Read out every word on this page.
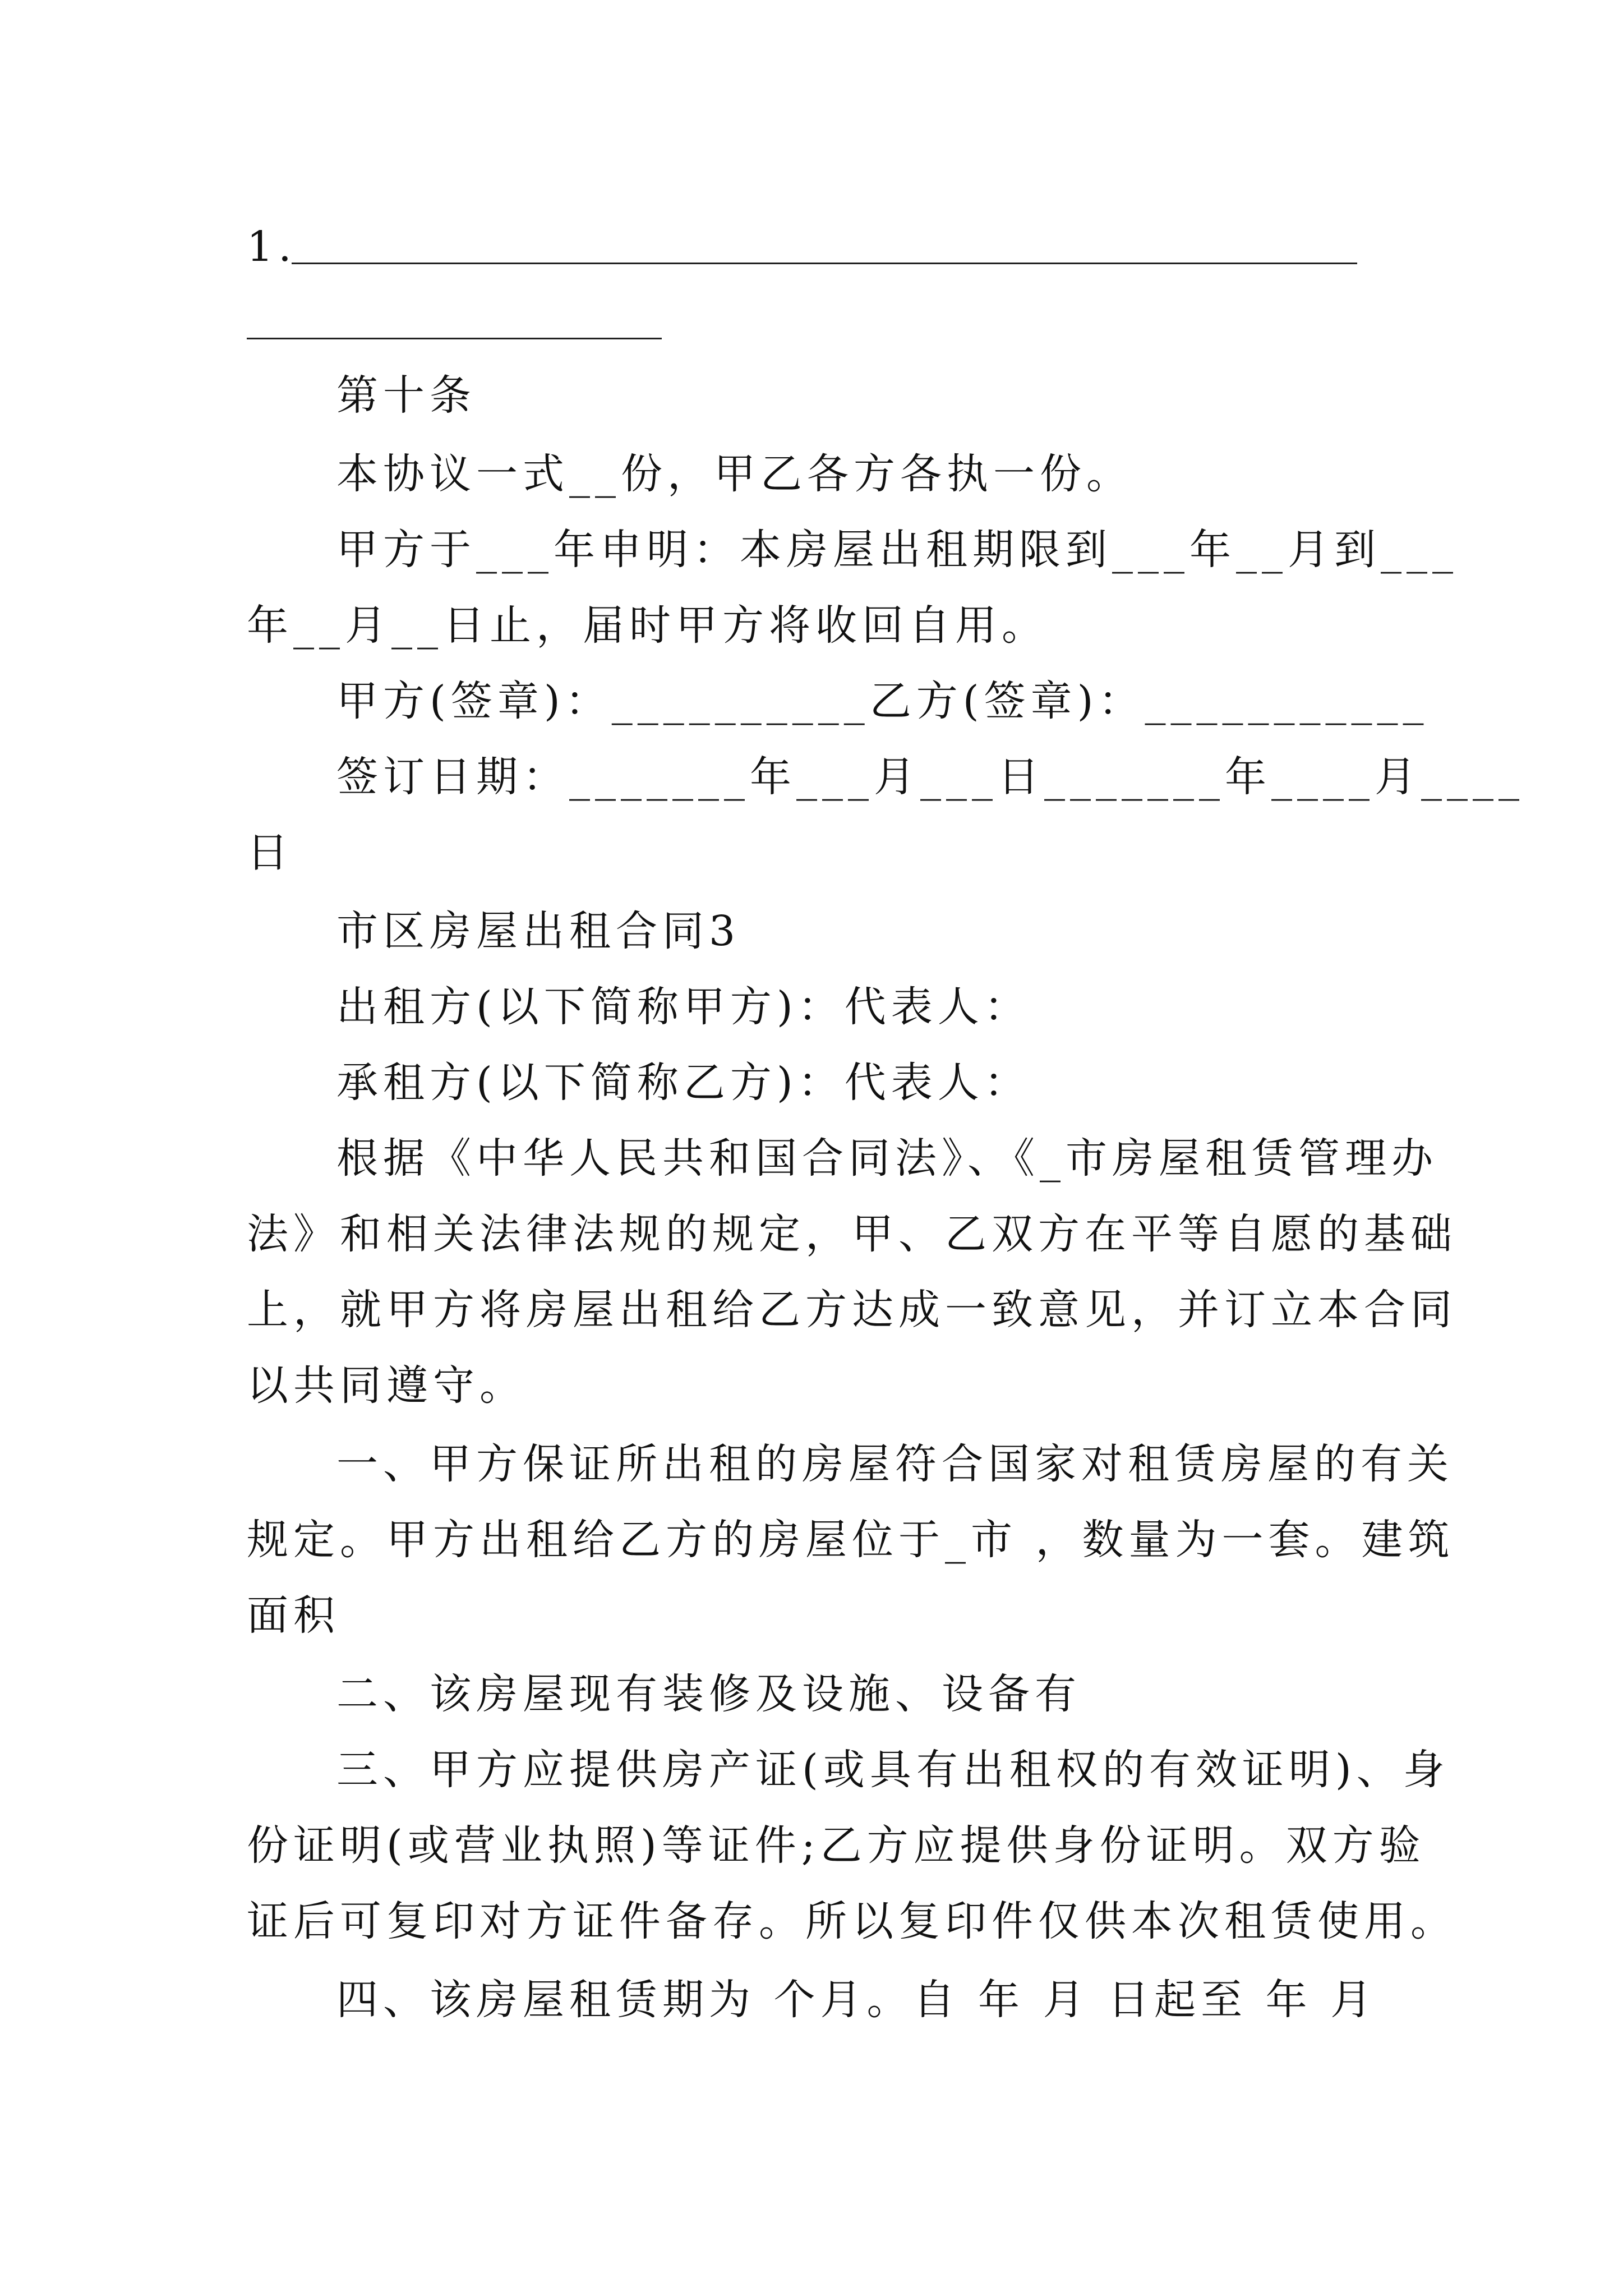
1.
第十条
本协议一式__份，甲乙各方各执一份。
甲方于___年申明：本房屋出租期限到___年__月到___
年__月__日止，届时甲方将收回自用。
甲方(签章)：__________乙方(签章)：___________
签订日期：_______年___月___日_______年____月____
日
市区房屋出租合同3
出租方(以下简称甲方)：代表人：
承租方(以下简称乙方)：代表人：
根据《中华人民共和国合同法》、《_市房屋租赁管理办
法》和相关法律法规的规定，甲、乙双方在平等自愿的基础
上，就甲方将房屋出租给乙方达成一致意见，并订立本合同
以共同遵守。
一、甲方保证所出租的房屋符合国家对租赁房屋的有关
规定。甲方出租给乙方的房屋位于_市 ，数量为一套。建筑
面积
二、该房屋现有装修及设施、设备有
三、甲方应提供房产证(或具有出租权的有效证明)、身
份证明(或营业执照)等证件;乙方应提供身份证明。双方验
证后可复印对方证件备存。所以复印件仅供本次租赁使用。
四、该房屋租赁期为 个月。自 年 月 日起至 年 月
